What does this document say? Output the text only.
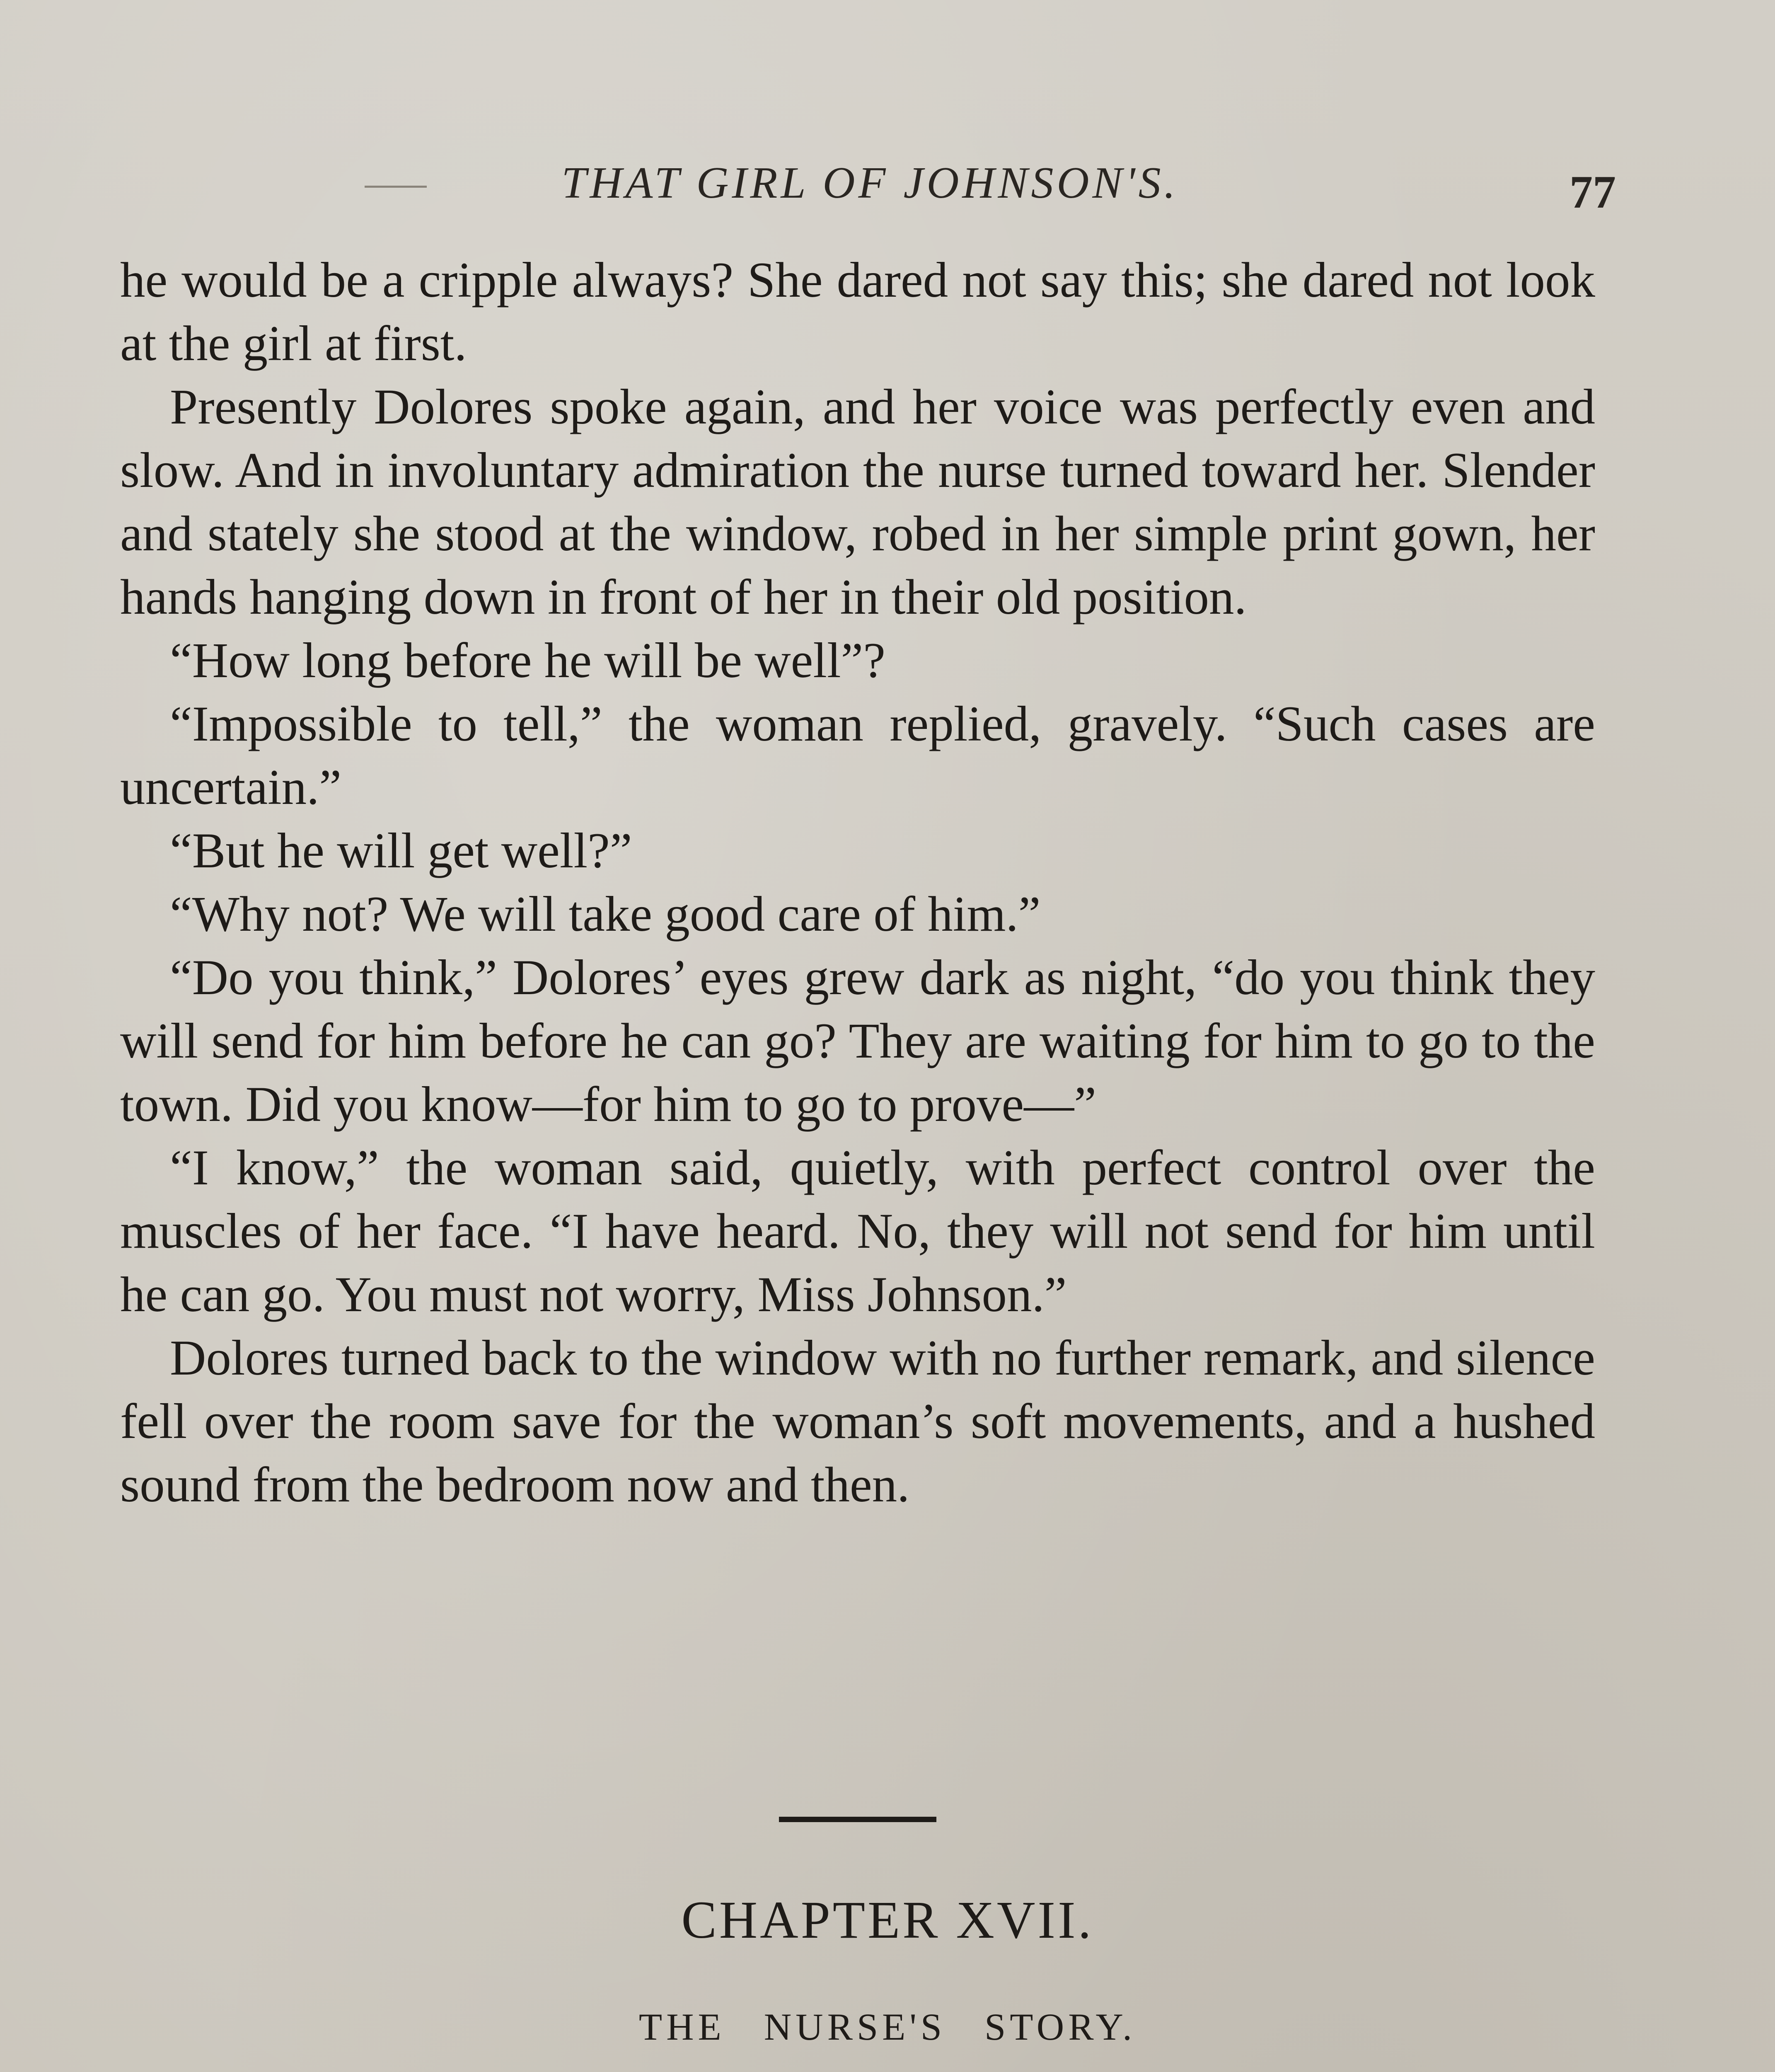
THAT GIRL OF JOHNSON'S.	77

he would be a cripple always? She dared not say this; she dared not look at the girl at first.

Presently Dolores spoke again, and her voice was perfectly even and slow. And in involuntary admiration the nurse turned toward her. Slender and stately she stood at the window, robed in her simple print gown, her hands hanging down in front of her in their old position.

“How long before he will be well”?

“Impossible to tell,” the woman replied, gravely. “Such cases are uncertain.”

“But he will get well?”

“Why not? We will take good care of him.”

“Do you think,” Dolores’ eyes grew dark as night, “do you think they will send for him before he can go? They are waiting for him to go to the town. Did you know—for him to go to prove—”

“I know,” the woman said, quietly, with perfect control over the muscles of her face. “I have heard. No, they will not send for him until he can go. You must not worry, Miss Johnson.”

Dolores turned back to the window with no further remark, and silence fell over the room save for the woman’s soft movements, and a hushed sound from the bedroom now and then.

CHAPTER XVII.
THE NURSE'S STORY.
